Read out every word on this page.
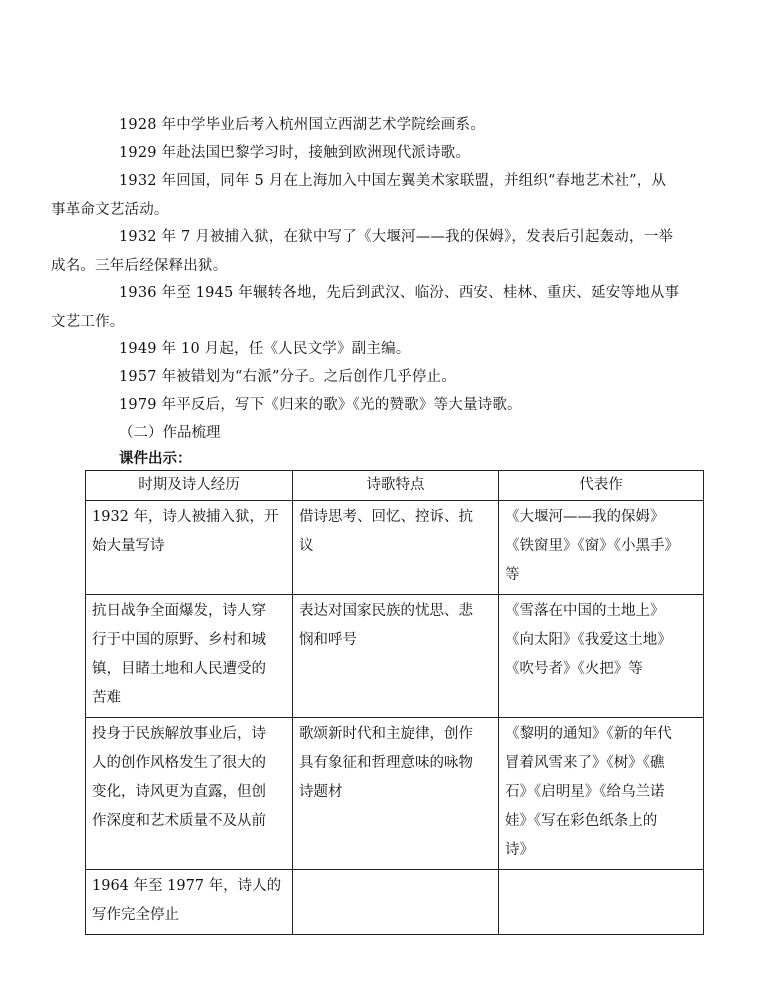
1928 年中学毕业后考入杭州国立西湖艺术学院绘画系。
1929 年赴法国巴黎学习时，接触到欧洲现代派诗歌。
1932 年回国，同年 5 月在上海加入中国左翼美术家联盟，并组织“春地艺术社”，从
事革命文艺活动。
1932 年 7 月被捕入狱，在狱中写了《大堰河——我的保姆》，发表后引起轰动，一举
成名。三年后经保释出狱。
1936 年至 1945 年辗转各地，先后到武汉、临汾、西安、桂林、重庆、延安等地从事
文艺工作。
1949 年 10 月起，任《人民文学》副主编。
1957 年被错划为“右派”分子。之后创作几乎停止。
1979 年平反后，写下《归来的歌》《光的赞歌》等大量诗歌。
（二）作品梳理
课件出示：
时期及诗人经历	诗歌特点	代表作

1932 年，诗人被捕入狱，开
始大量写诗	借诗思考、回忆、控诉、抗
议	《大堰河——我的保姆》
《铁窗里》《窗》《小黑手》
等

抗日战争全面爆发，诗人穿
行于中国的原野、乡村和城
镇，目睹土地和人民遭受的
苦难	表达对国家民族的忧思、悲
悯和呼号	《雪落在中国的土地上》
《向太阳》《我爱这土地》
《吹号者》《火把》等

投身于民族解放事业后，诗
人的创作风格发生了很大的
变化，诗风更为直露，但创
作深度和艺术质量不及从前	歌颂新时代和主旋律，创作
具有象征和哲理意味的咏物
诗题材	《黎明的通知》《新的年代
冒着风雪来了》《树》《礁
石》《启明星》《给乌兰诺
娃》《写在彩色纸条上的
诗》

1964 年至 1977 年，诗人的
写作完全停止		
